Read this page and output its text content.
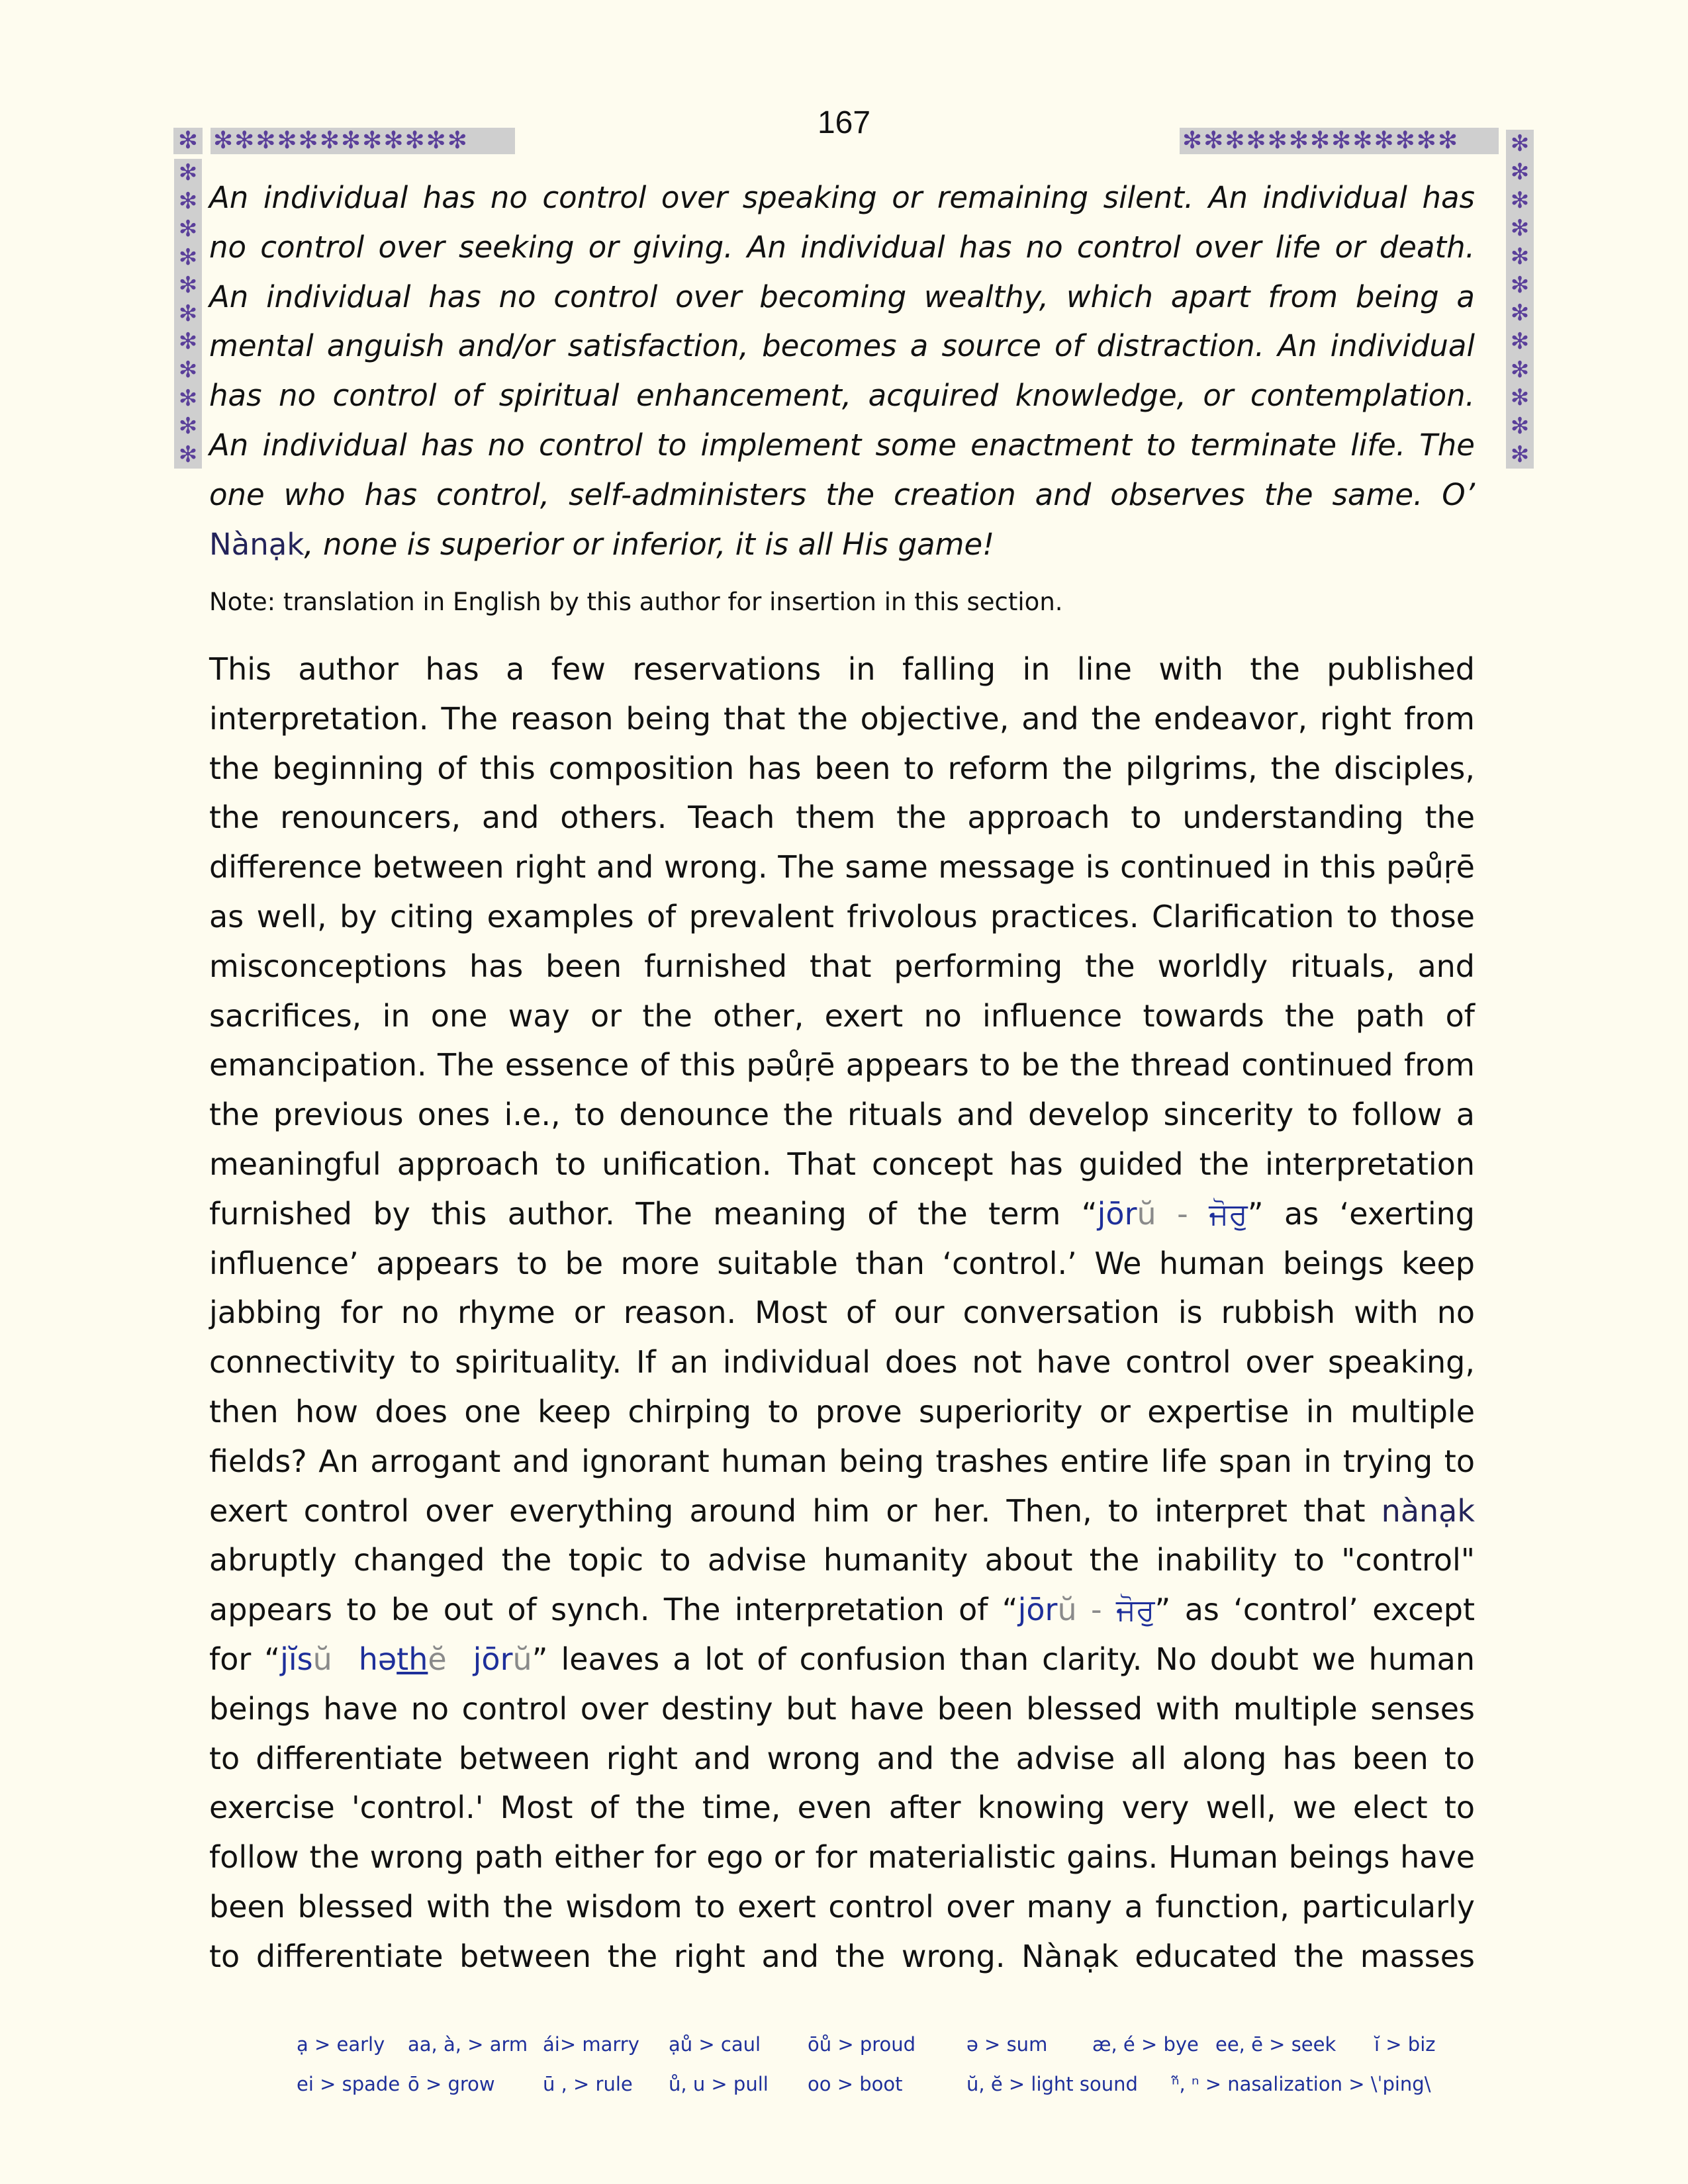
167
✻ ✻✻✻✻✻✻✻✻✻✻✻✻	✻✻✻✻✻✻✻✻✻✻✻✻✻
✻
✻
✻
✻
✻
✻
✻
✻
✻
✻
✻
✻
✻
✻
✻
✻
✻
✻
✻
✻
✻
✻
✻
An individual has no control over speaking or remaining silent. An individual has
no control over seeking or giving. An individual has no control over life or death.
An individual has no control over becoming wealthy, which apart from being a
mental anguish and/or satisfaction, becomes a source of distraction. An individual
has no control of spiritual enhancement, acquired knowledge, or contemplation.
An individual has no control to implement some enactment to terminate life. The
one who has control, self-administers the creation and observes the same. O’
Nànạk, none is superior or inferior, it is all His game!
Note: translation in English by this author for insertion in this section.
This author has a few reservations in falling in line with the published
interpretation. The reason being that the objective, and the endeavor, right from
the beginning of this composition has been to reform the pilgrims, the disciples,
the renouncers, and others. Teach them the approach to understanding the
difference between right and wrong. The same message is continued in this pəůṛē
as well, by citing examples of prevalent frivolous practices. Clarification to those
misconceptions has been furnished that performing the worldly rituals, and
sacrifices, in one way or the other, exert no influence towards the path of
emancipation. The essence of this pəůṛē appears to be the thread continued from
the previous ones i.e., to denounce the rituals and develop sincerity to follow a
meaningful approach to unification. That concept has guided the interpretation
furnished by this author. The meaning of the term “jōrŭ - ਜੋਰੁ” as ‘exerting
influence’ appears to be more suitable than ‘control.’ We human beings keep
jabbing for no rhyme or reason. Most of our conversation is rubbish with no
connectivity to spirituality. If an individual does not have control over speaking,
then how does one keep chirping to prove superiority or expertise in multiple
fields? An arrogant and ignorant human being trashes entire life span in trying to
exert control over everything around him or her. Then, to interpret that nànạk
abruptly changed the topic to advise humanity about the inability to "control"
appears to be out of synch. The interpretation of “jōrŭ - ਜੋਰੁ” as ‘control’ except
for “jĭsŭ  həthĕ  jōrŭ” leaves a lot of confusion than clarity. No doubt we human
beings have no control over destiny but have been blessed with multiple senses
to differentiate between right and wrong and the advise all along has been to
exercise 'control.' Most of the time, even after knowing very well, we elect to
follow the wrong path either for ego or for materialistic gains. Human beings have
been blessed with the wisdom to exert control over many a function, particularly
to differentiate between the right and the wrong. Nànạk educated the masses
ạ > early aa, à, > arm ái> marry ạů > caul ōů > proud	ə > sum æ, é > bye ee, ē > seek ĭ > biz
ei > spade ō > grow ū , > rule ů, u > pull oo > boot	ŭ, ĕ > light sound ⁿ̃, ⁿ > nasalization > \ˈping\
